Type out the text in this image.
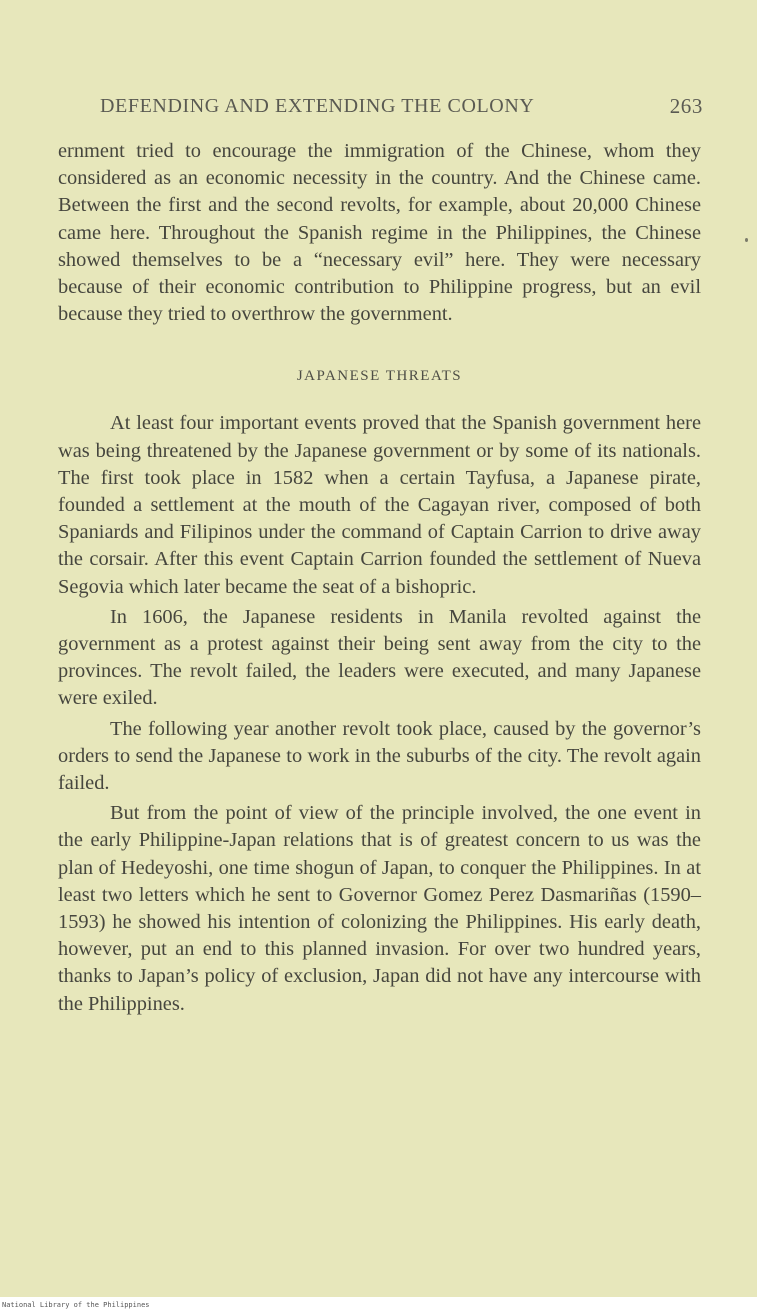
DEFENDING AND EXTENDING THE COLONY	263

ernment tried to encourage the immigration of the Chinese, whom they considered as an economic necessity in the country. And the Chinese came. Between the first and the second revolts, for example, about 20,000 Chinese came here. Throughout the Spanish regime in the Philippines, the Chinese showed themselves to be a “necessary evil” here. They were necessary because of their economic contribution to Philippine progress, but an evil because they tried to overthrow the government.

JAPANESE THREATS

At least four important events proved that the Spanish government here was being threatened by the Japanese government or by some of its nationals. The first took place in 1582 when a certain Tayfusa, a Japanese pirate, founded a settlement at the mouth of the Cagayan river, composed of both Spaniards and Filipinos under the command of Captain Carrion to drive away the corsair. After this event Captain Carrion founded the settlement of Nueva Segovia which later became the seat of a bishopric.

In 1606, the Japanese residents in Manila revolted against the government as a protest against their being sent away from the city to the provinces. The revolt failed, the leaders were executed, and many Japanese were exiled.

The following year another revolt took place, caused by the governor’s orders to send the Japanese to work in the suburbs of the city. The revolt again failed.

But from the point of view of the principle involved, the one event in the early Philippine-Japan relations that is of greatest concern to us was the plan of Hedeyoshi, one time shogun of Japan, to conquer the Philippines. In at least two letters which he sent to Governor Gomez Perez Dasmariñas (1590–1593) he showed his intention of colonizing the Philippines. His early death, however, put an end to this planned invasion. For over two hundred years, thanks to Japan’s policy of exclusion, Japan did not have any intercourse with the Philippines.

National Library of the Philippines
